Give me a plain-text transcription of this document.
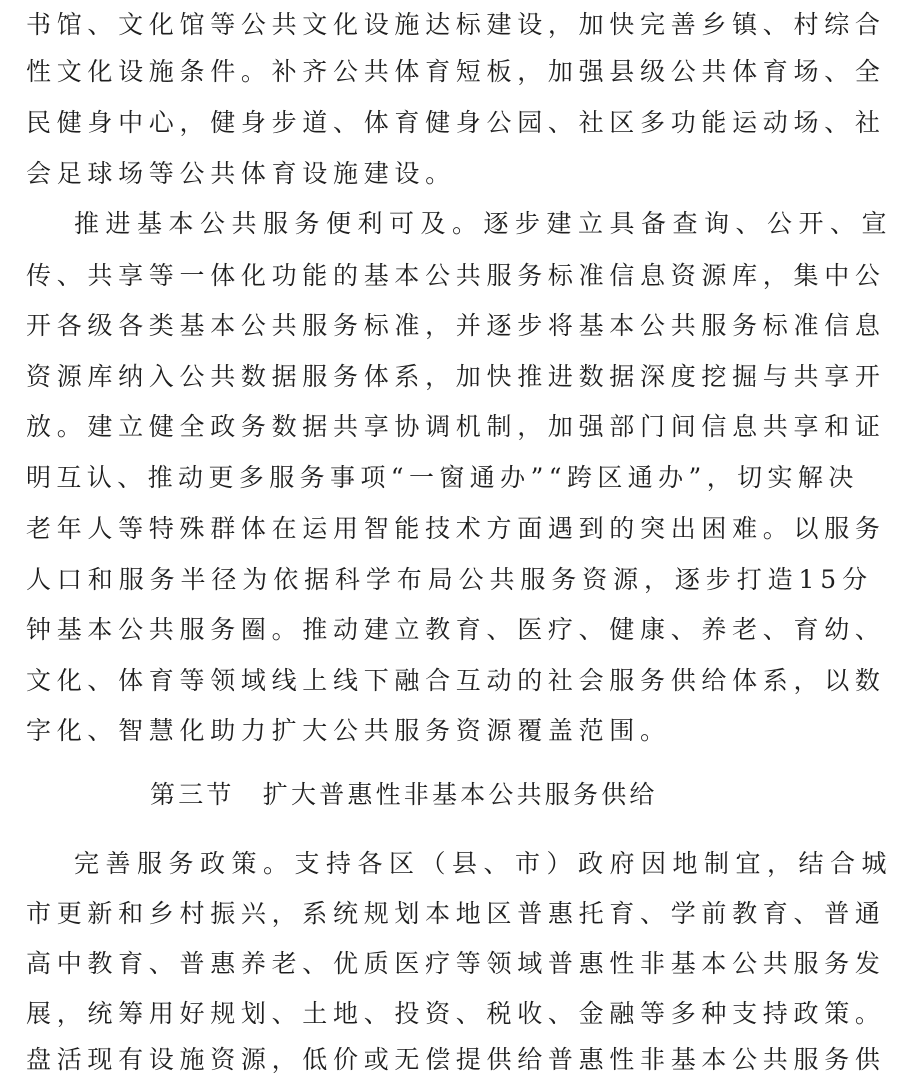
书馆、文化馆等公共文化设施达标建设，加快完善乡镇、村综合
性文化设施条件。补齐公共体育短板，加强县级公共体育场、全
民健身中心，健身步道、体育健身公园、社区多功能运动场、社
会足球场等公共体育设施建设。
推进基本公共服务便利可及。逐步建立具备查询、公开、宣
传、共享等一体化功能的基本公共服务标准信息资源库，集中公
开各级各类基本公共服务标准，并逐步将基本公共服务标准信息
资源库纳入公共数据服务体系，加快推进数据深度挖掘与共享开
放。建立健全政务数据共享协调机制，加强部门间信息共享和证
明互认、推动更多服务事项“一窗通办”“跨区通办”，切实解决
老年人等特殊群体在运用智能技术方面遇到的突出困难。以服务
人口和服务半径为依据科学布局公共服务资源，逐步打造15分
钟基本公共服务圈。推动建立教育、医疗、健康、养老、育幼、
文化、体育等领域线上线下融合互动的社会服务供给体系，以数
字化、智慧化助力扩大公共服务资源覆盖范围。
第三节　扩大普惠性非基本公共服务供给
完善服务政策。支持各区（县、市）政府因地制宜，结合城
市更新和乡村振兴，系统规划本地区普惠托育、学前教育、普通
高中教育、普惠养老、优质医疗等领域普惠性非基本公共服务发
展，统筹用好规划、土地、投资、税收、金融等多种支持政策。
盘活现有设施资源，低价或无偿提供给普惠性非基本公共服务供
